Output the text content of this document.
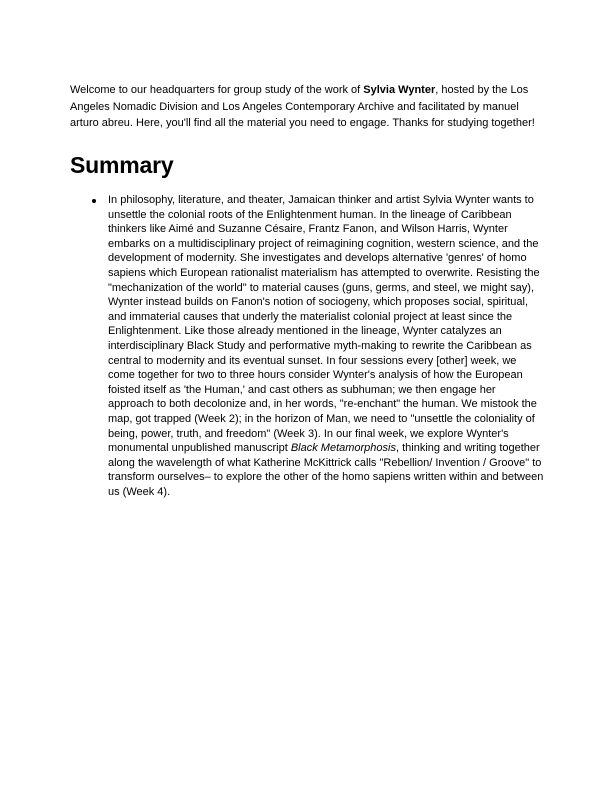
Welcome to our headquarters for group study of the work of Sylvia Wynter, hosted by the Los Angeles Nomadic Division and Los Angeles Contemporary Archive and facilitated by manuel arturo abreu. Here, you'll find all the material you need to engage. Thanks for studying together!

Summary
In philosophy, literature, and theater, Jamaican thinker and artist Sylvia Wynter wants to unsettle the colonial roots of the Enlightenment human. In the lineage of Caribbean thinkers like Aimé and Suzanne Césaire, Frantz Fanon, and Wilson Harris, Wynter embarks on a multidisciplinary project of reimagining cognition, western science, and the development of modernity. She investigates and develops alternative 'genres' of homo sapiens which European rationalist materialism has attempted to overwrite. Resisting the "mechanization of the world" to material causes (guns, germs, and steel, we might say), Wynter instead builds on Fanon's notion of sociogeny, which proposes social, spiritual, and immaterial causes that underly the materialist colonial project at least since the Enlightenment. Like those already mentioned in the lineage, Wynter catalyzes an interdisciplinary Black Study and performative myth-making to rewrite the Caribbean as central to modernity and its eventual sunset. In four sessions every [other] week, we come together for two to three hours consider Wynter's analysis of how the European foisted itself as 'the Human,' and cast others as subhuman; we then engage her approach to both decolonize and, in her words, "re-enchant" the human. We mistook the map, got trapped (Week 2); in the horizon of Man, we need to "unsettle the coloniality of being, power, truth, and freedom" (Week 3). In our final week, we explore Wynter's monumental unpublished manuscript Black Metamorphosis, thinking and writing together along the wavelength of what Katherine McKittrick calls "Rebellion/ Invention / Groove" to transform ourselves– to explore the other of the homo sapiens written within and between us (Week 4).
